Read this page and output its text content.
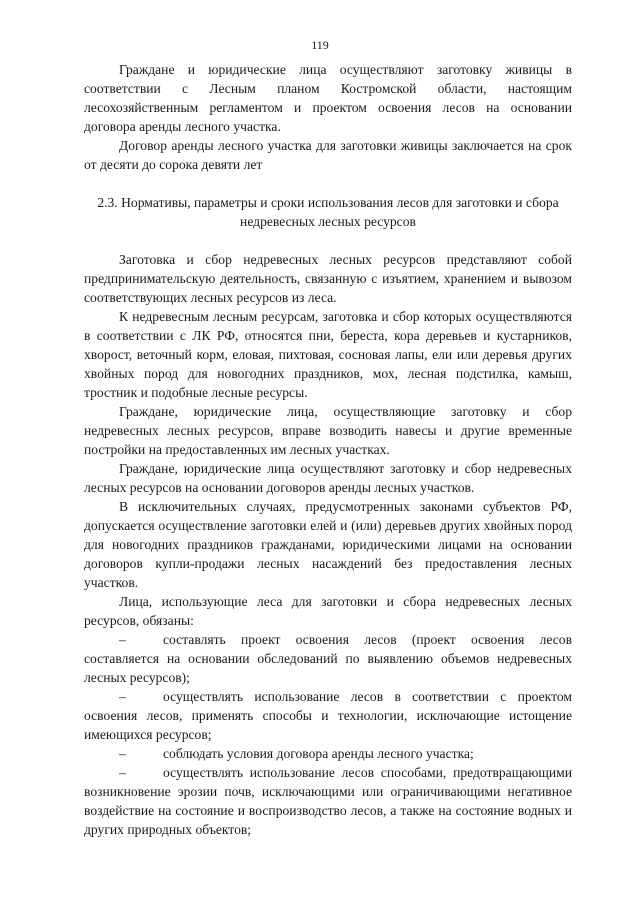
119

Граждане и юридические лица осуществляют заготовку живицы в соответствии с Лесным планом Костромской области, настоящим лесохозяйственным регламентом и проектом освоения лесов на основании договора аренды лесного участка.

Договор аренды лесного участка для заготовки живицы заключается на срок от десяти до сорока девяти лет

2.3. Нормативы, параметры и сроки использования лесов для заготовки и сбора недревесных лесных ресурсов

Заготовка и сбор недревесных лесных ресурсов представляют собой предпринимательскую деятельность, связанную с изъятием, хранением и вывозом соответствующих лесных ресурсов из леса.

К недревесным лесным ресурсам, заготовка и сбор которых осуществляются в соответствии с ЛК РФ, относятся пни, береста, кора деревьев и кустарников, хворост, веточный корм, еловая, пихтовая, сосновая лапы, ели или деревья других хвойных пород для новогодних праздников, мох, лесная подстилка, камыш, тростник и подобные лесные ресурсы.

Граждане, юридические лица, осуществляющие заготовку и сбор недревесных лесных ресурсов, вправе возводить навесы и другие временные постройки на предоставленных им лесных участках.

Граждане, юридические лица осуществляют заготовку и сбор недревесных лесных ресурсов на основании договоров аренды лесных участков.

В исключительных случаях, предусмотренных законами субъектов РФ, допускается осуществление заготовки елей и (или) деревьев других хвойных пород для новогодних праздников гражданами, юридическими лицами на основании договоров купли-продажи лесных насаждений без предоставления лесных участков.

Лица, использующие леса для заготовки и сбора недревесных лесных ресурсов, обязаны:

–	составлять проект освоения лесов (проект освоения лесов составляется на основании обследований по выявлению объемов недревесных лесных ресурсов);

–	осуществлять использование лесов в соответствии с проектом освоения лесов, применять способы и технологии, исключающие истощение имеющихся ресурсов;

–	соблюдать условия договора аренды лесного участка;

–	осуществлять использование лесов способами, предотвращающими возникновение эрозии почв, исключающими или ограничивающими негативное воздействие на состояние и воспроизводство лесов, а также на состояние водных и других природных объектов;
